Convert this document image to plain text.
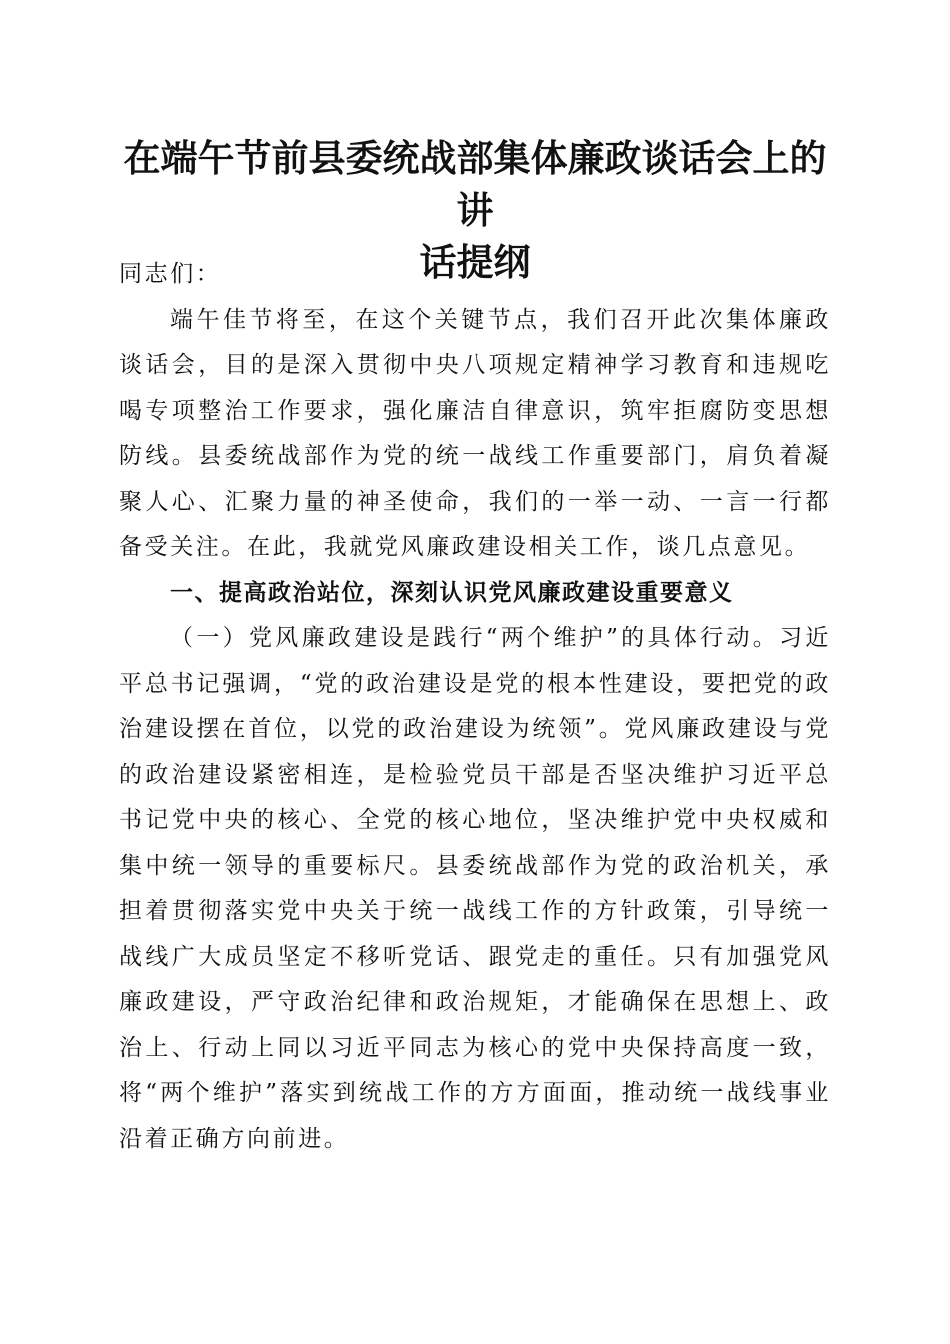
在端午节前县委统战部集体廉政谈话会上的讲
话提纲

同志们：

端午佳节将至，在这个关键节点，我们召开此次集体廉政谈话会，目的是深入贯彻中央八项规定精神学习教育和违规吃喝专项整治工作要求，强化廉洁自律意识，筑牢拒腐防变思想防线。县委统战部作为党的统一战线工作重要部门，肩负着凝聚人心、汇聚力量的神圣使命，我们的一举一动、一言一行都备受关注。在此，我就党风廉政建设相关工作，谈几点意见。

一、提高政治站位，深刻认识党风廉政建设重要意义

（一）党风廉政建设是践行“两个维护”的具体行动。习近平总书记强调，“党的政治建设是党的根本性建设，要把党的政治建设摆在首位，以党的政治建设为统领”。党风廉政建设与党的政治建设紧密相连，是检验党员干部是否坚决维护习近平总书记党中央的核心、全党的核心地位，坚决维护党中央权威和集中统一领导的重要标尺。县委统战部作为党的政治机关，承担着贯彻落实党中央关于统一战线工作的方针政策，引导统一战线广大成员坚定不移听党话、跟党走的重任。只有加强党风廉政建设，严守政治纪律和政治规矩，才能确保在思想上、政治上、行动上同以习近平同志为核心的党中央保持高度一致，将“两个维护”落实到统战工作的方方面面，推动统一战线事业沿着正确方向前进。
